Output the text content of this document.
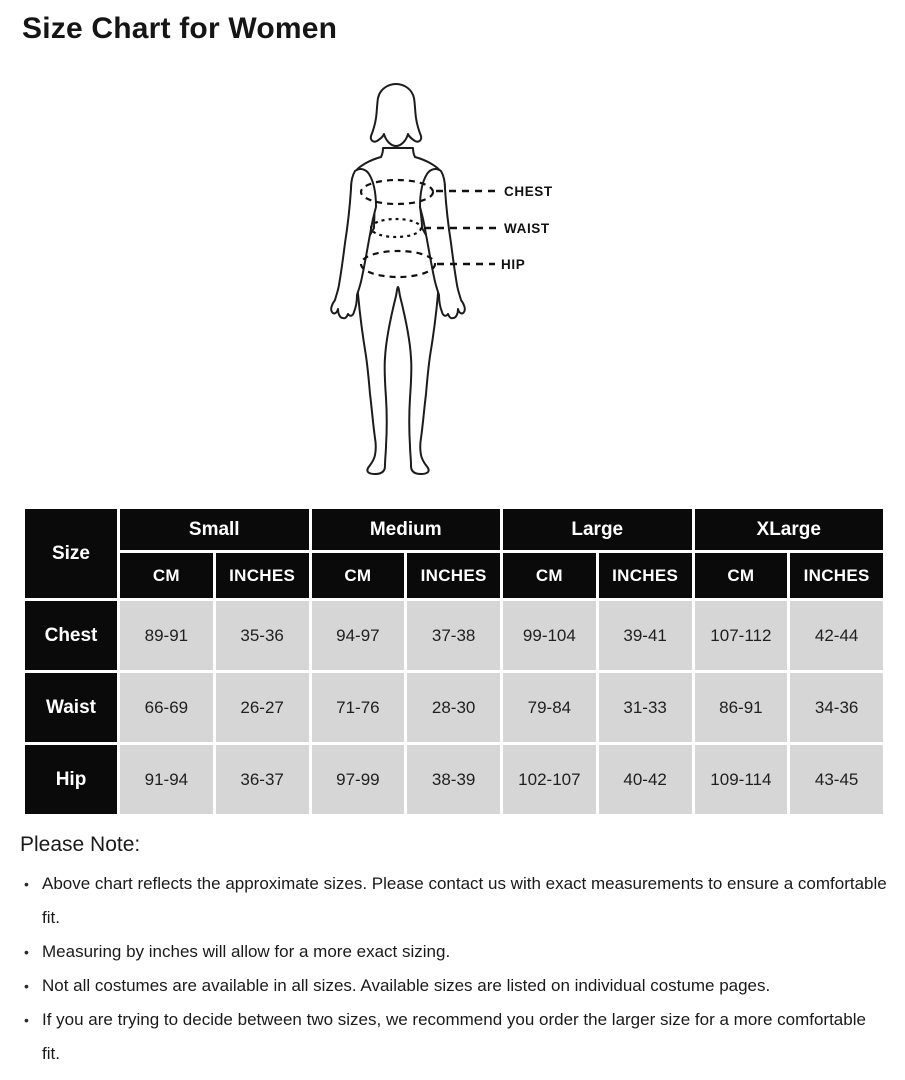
Size Chart for Women
CHEST
WAIST
HIP
Size	Small		Medium		Large		XLarge	
	CM	INCHES	CM	INCHES	CM	INCHES	CM	INCHES
Chest	89-91	35-36	94-97	37-38	99-104	39-41	107-112	42-44
Waist	66-69	26-27	71-76	28-30	79-84	31-33	86-91	34-36
Hip	91-94	36-37	97-99	38-39	102-107	40-42	109-114	43-45

Please Note:

• Above chart reflects the approximate sizes. Please contact us with exact measurements to ensure a comfortable fit.
• Measuring by inches will allow for a more exact sizing.
• Not all costumes are available in all sizes. Available sizes are listed on individual costume pages.
• If you are trying to decide between two sizes, we recommend you order the larger size for a more comfortable fit.
